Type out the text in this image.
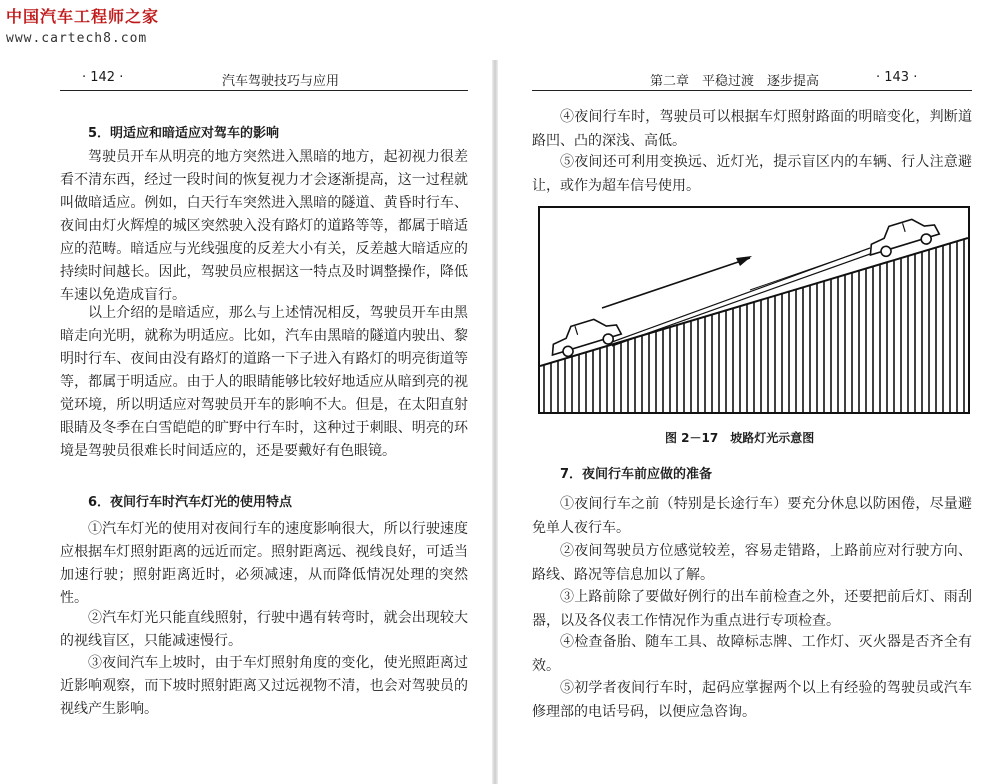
中国汽车工程师之家
www.cartech8.com
· 142 ·	汽车驾驶技巧与应用	第二章　平稳过渡　逐步提高	· 143 ·
5．明适应和暗适应对驾车的影响
驾驶员开车从明亮的地方突然进入黑暗的地方，起初视力很差看不清东西，经过一段时间的恢复视力才会逐渐提高，这一过程就叫做暗适应。例如，白天行车突然进入黑暗的隧道、黄昏时行车、夜间由灯火辉煌的城区突然驶入没有路灯的道路等等，都属于暗适应的范畴。暗适应与光线强度的反差大小有关，反差越大暗适应的持续时间越长。因此，驾驶员应根据这一特点及时调整操作，降低车速以免造成盲行。
以上介绍的是暗适应，那么与上述情况相反，驾驶员开车由黑暗走向光明，就称为明适应。比如，汽车由黑暗的隧道内驶出、黎明时行车、夜间由没有路灯的道路一下子进入有路灯的明亮街道等等，都属于明适应。由于人的眼睛能够比较好地适应从暗到亮的视觉环境，所以明适应对驾驶员开车的影响不大。但是，在太阳直射眼睛及冬季在白雪皑皑的旷野中行车时，这种过于刺眼、明亮的环境是驾驶员很难长时间适应的，还是要戴好有色眼镜。
6．夜间行车时汽车灯光的使用特点
①汽车灯光的使用对夜间行车的速度影响很大，所以行驶速度应根据车灯照射距离的远近而定。照射距离远、视线良好，可适当加速行驶；照射距离近时，必须减速，从而降低情况处理的突然性。
②汽车灯光只能直线照射，行驶中遇有转弯时，就会出现较大的视线盲区，只能减速慢行。
③夜间汽车上坡时，由于车灯照射角度的变化，使光照距离过近影响观察，而下坡时照射距离又过远视物不清，也会对驾驶员的视线产生影响。
④夜间行车时，驾驶员可以根据车灯照射路面的明暗变化，判断道路凹、凸的深浅、高低。
⑤夜间还可利用变换远、近灯光，提示盲区内的车辆、行人注意避让，或作为超车信号使用。
图 2－17　坡路灯光示意图
7．夜间行车前应做的准备
①夜间行车之前（特别是长途行车）要充分休息以防困倦，尽量避免单人夜行车。
②夜间驾驶员方位感觉较差，容易走错路，上路前应对行驶方向、路线、路况等信息加以了解。
③上路前除了要做好例行的出车前检查之外，还要把前后灯、雨刮器，以及各仪表工作情况作为重点进行专项检查。
④检查备胎、随车工具、故障标志牌、工作灯、灭火器是否齐全有效。
⑤初学者夜间行车时，起码应掌握两个以上有经验的驾驶员或汽车修理部的电话号码，以便应急咨询。
